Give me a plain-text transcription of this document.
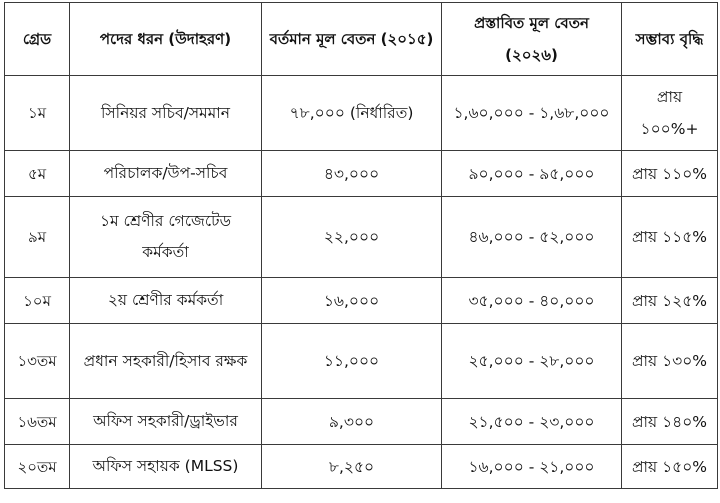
গ্রেড	পদের ধরন (উদাহরণ)	বর্তমান মূল বেতন (২০১৫)	প্রস্তাবিত মূল বেতন (২০২৬)	সম্ভাব্য বৃদ্ধি
১ম	সিনিয়র সচিব/সমমান	৭৮,০০০ (নির্ধারিত)	১,৬০,০০০ - ১,৬৮,০০০	প্রায় ১০০%+
৫ম	পরিচালক/উপ-সচিব	৪৩,০০০	৯০,০০০ - ৯৫,০০০	প্রায় ১১০%
৯ম	১ম শ্রেণীর গেজেটেড কর্মকর্তা	২২,০০০	৪৬,০০০ - ৫২,০০০	প্রায় ১১৫%
১০ম	২য় শ্রেণীর কর্মকর্তা	১৬,০০০	৩৫,০০০ - ৪০,০০০	প্রায় ১২৫%
১৩তম	প্রধান সহকারী/হিসাব রক্ষক	১১,০০০	২৫,০০০ - ২৮,০০০	প্রায় ১৩০%
১৬তম	অফিস সহকারী/ড্রাইভার	৯,৩০০	২১,৫০০ - ২৩,০০০	প্রায় ১৪০%
২০তম	অফিস সহায়ক (MLSS)	৮,২৫০	১৬,০০০ - ২১,০০০	প্রায় ১৫০%
